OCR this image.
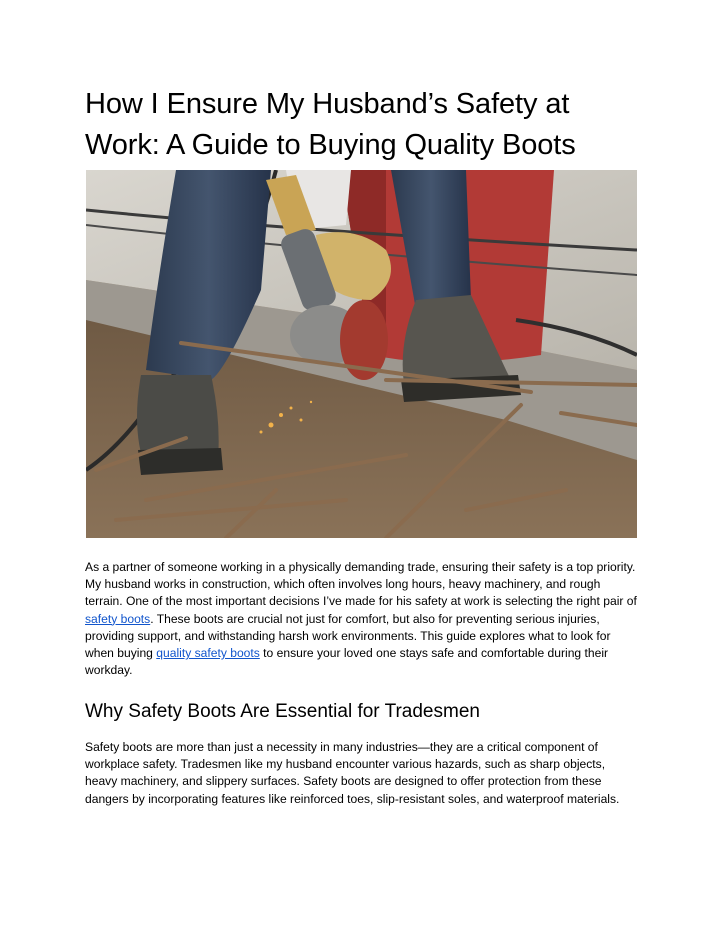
How I Ensure My Husband’s Safety at Work: A Guide to Buying Quality Boots

As a partner of someone working in a physically demanding trade, ensuring their safety is a top priority. My husband works in construction, which often involves long hours, heavy machinery, and rough terrain. One of the most important decisions I’ve made for his safety at work is selecting the right pair of safety boots. These boots are crucial not just for comfort, but also for preventing serious injuries, providing support, and withstanding harsh work environments. This guide explores what to look for when buying quality safety boots to ensure your loved one stays safe and comfortable during their workday.

Why Safety Boots Are Essential for Tradesmen

Safety boots are more than just a necessity in many industries—they are a critical component of workplace safety. Tradesmen like my husband encounter various hazards, such as sharp objects, heavy machinery, and slippery surfaces. Safety boots are designed to offer protection from these dangers by incorporating features like reinforced toes, slip-resistant soles, and waterproof materials.
